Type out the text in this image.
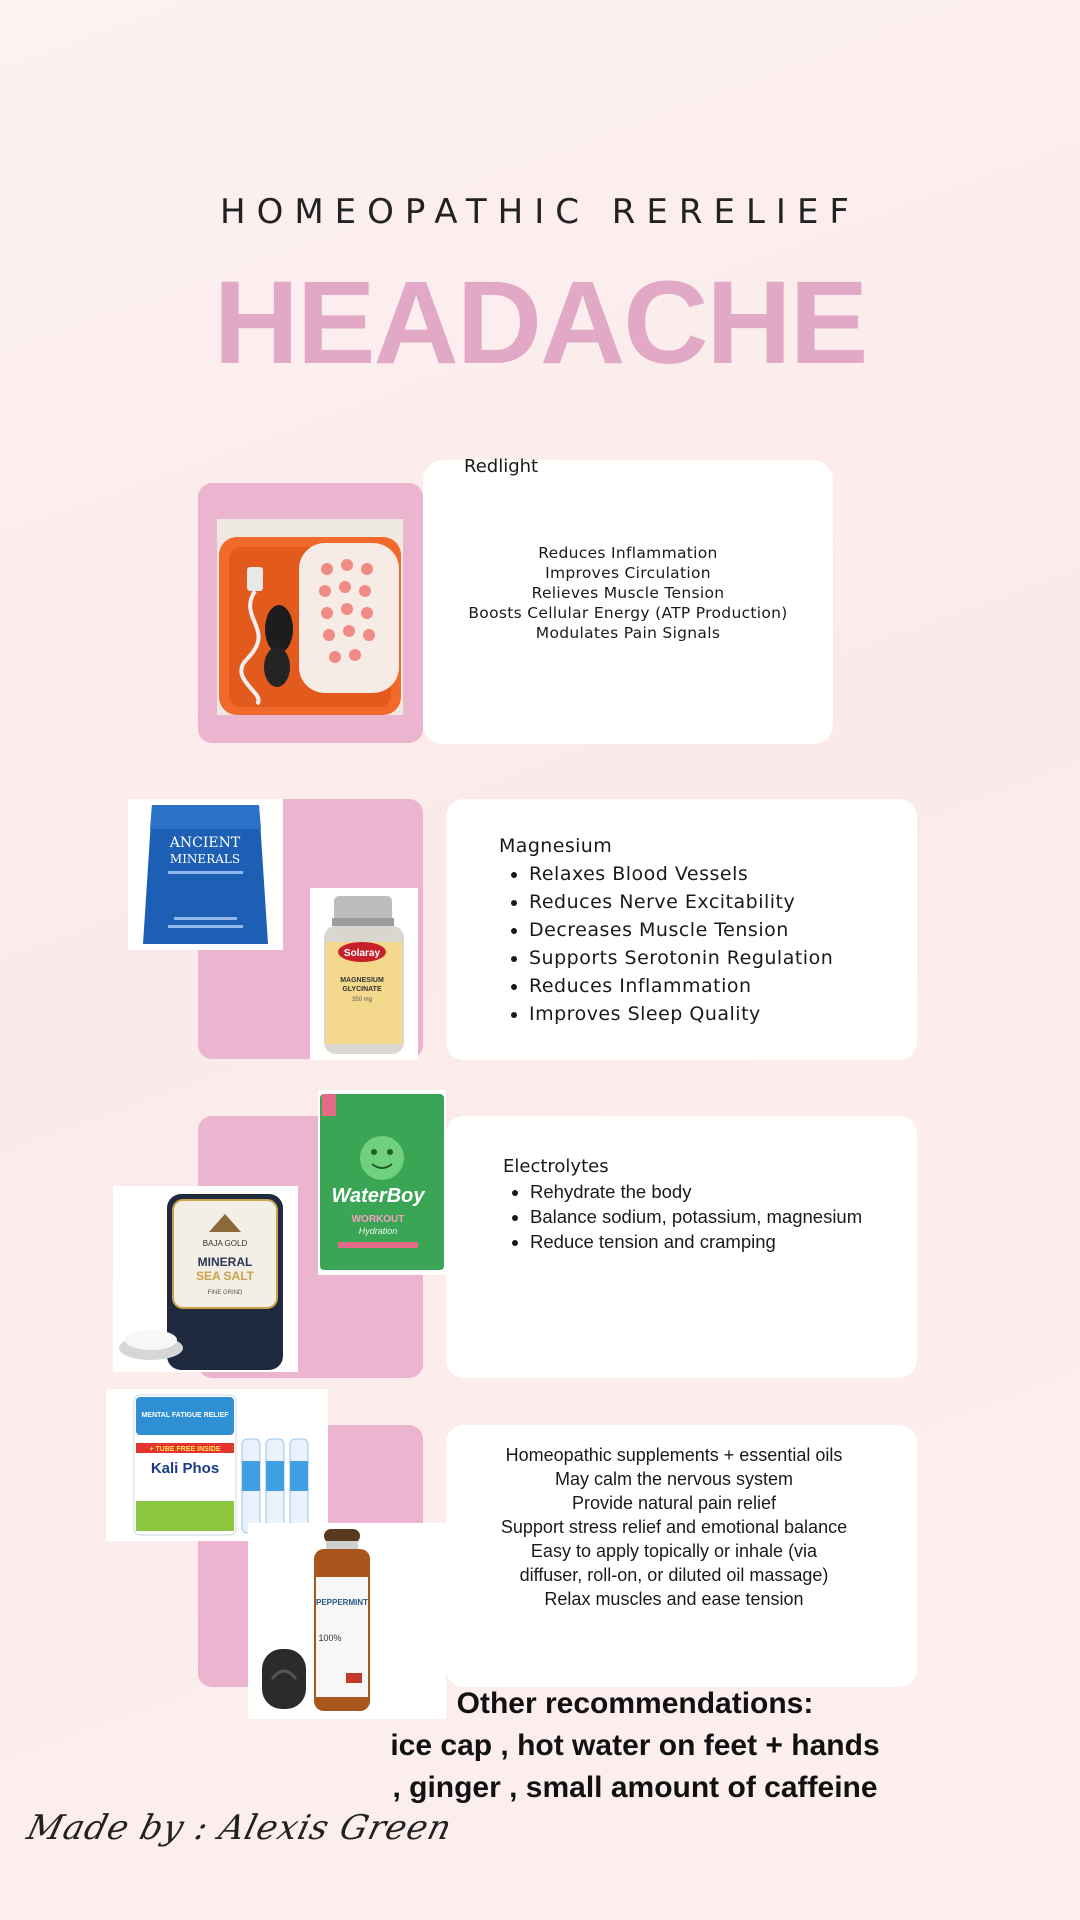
HOMEOPATHIC RERELIEF
HEADACHE
Redlight
Reduces Inflammation
Improves Circulation
Relieves Muscle Tension
Boosts Cellular Energy (ATP Production)
Modulates Pain Signals
Magnesium
• Relaxes Blood Vessels
• Reduces Nerve Excitability
• Decreases Muscle Tension
• Supports Serotonin Regulation
• Reduces Inflammation
• Improves Sleep Quality
ANCIENT
MINERALS
Solaray
MAGNESIUM
GLYCINATE
350 mg
Electrolytes
• Rehydrate the body
• Balance sodium, potassium, magnesium
• Reduce tension and cramping
WaterBoy
WORKOUT
Hydration
BAJA GOLD
MINERAL
SEA SALT
FINE GRIND
Homeopathic supplements + essential oils
May calm the nervous system
Provide natural pain relief
Support stress relief and emotional balance
Easy to apply topically or inhale (via diffuser, roll-on, or diluted oil massage)
Relax muscles and ease tension
MENTAL FATIGUE RELIEF
+ TUBE FREE INSIDE
Kali Phos
PEPPERMINT
100%
Other recommendations:
ice cap , hot water on feet + hands , ginger , small amount of caffeine
Made by : Alexis Green
